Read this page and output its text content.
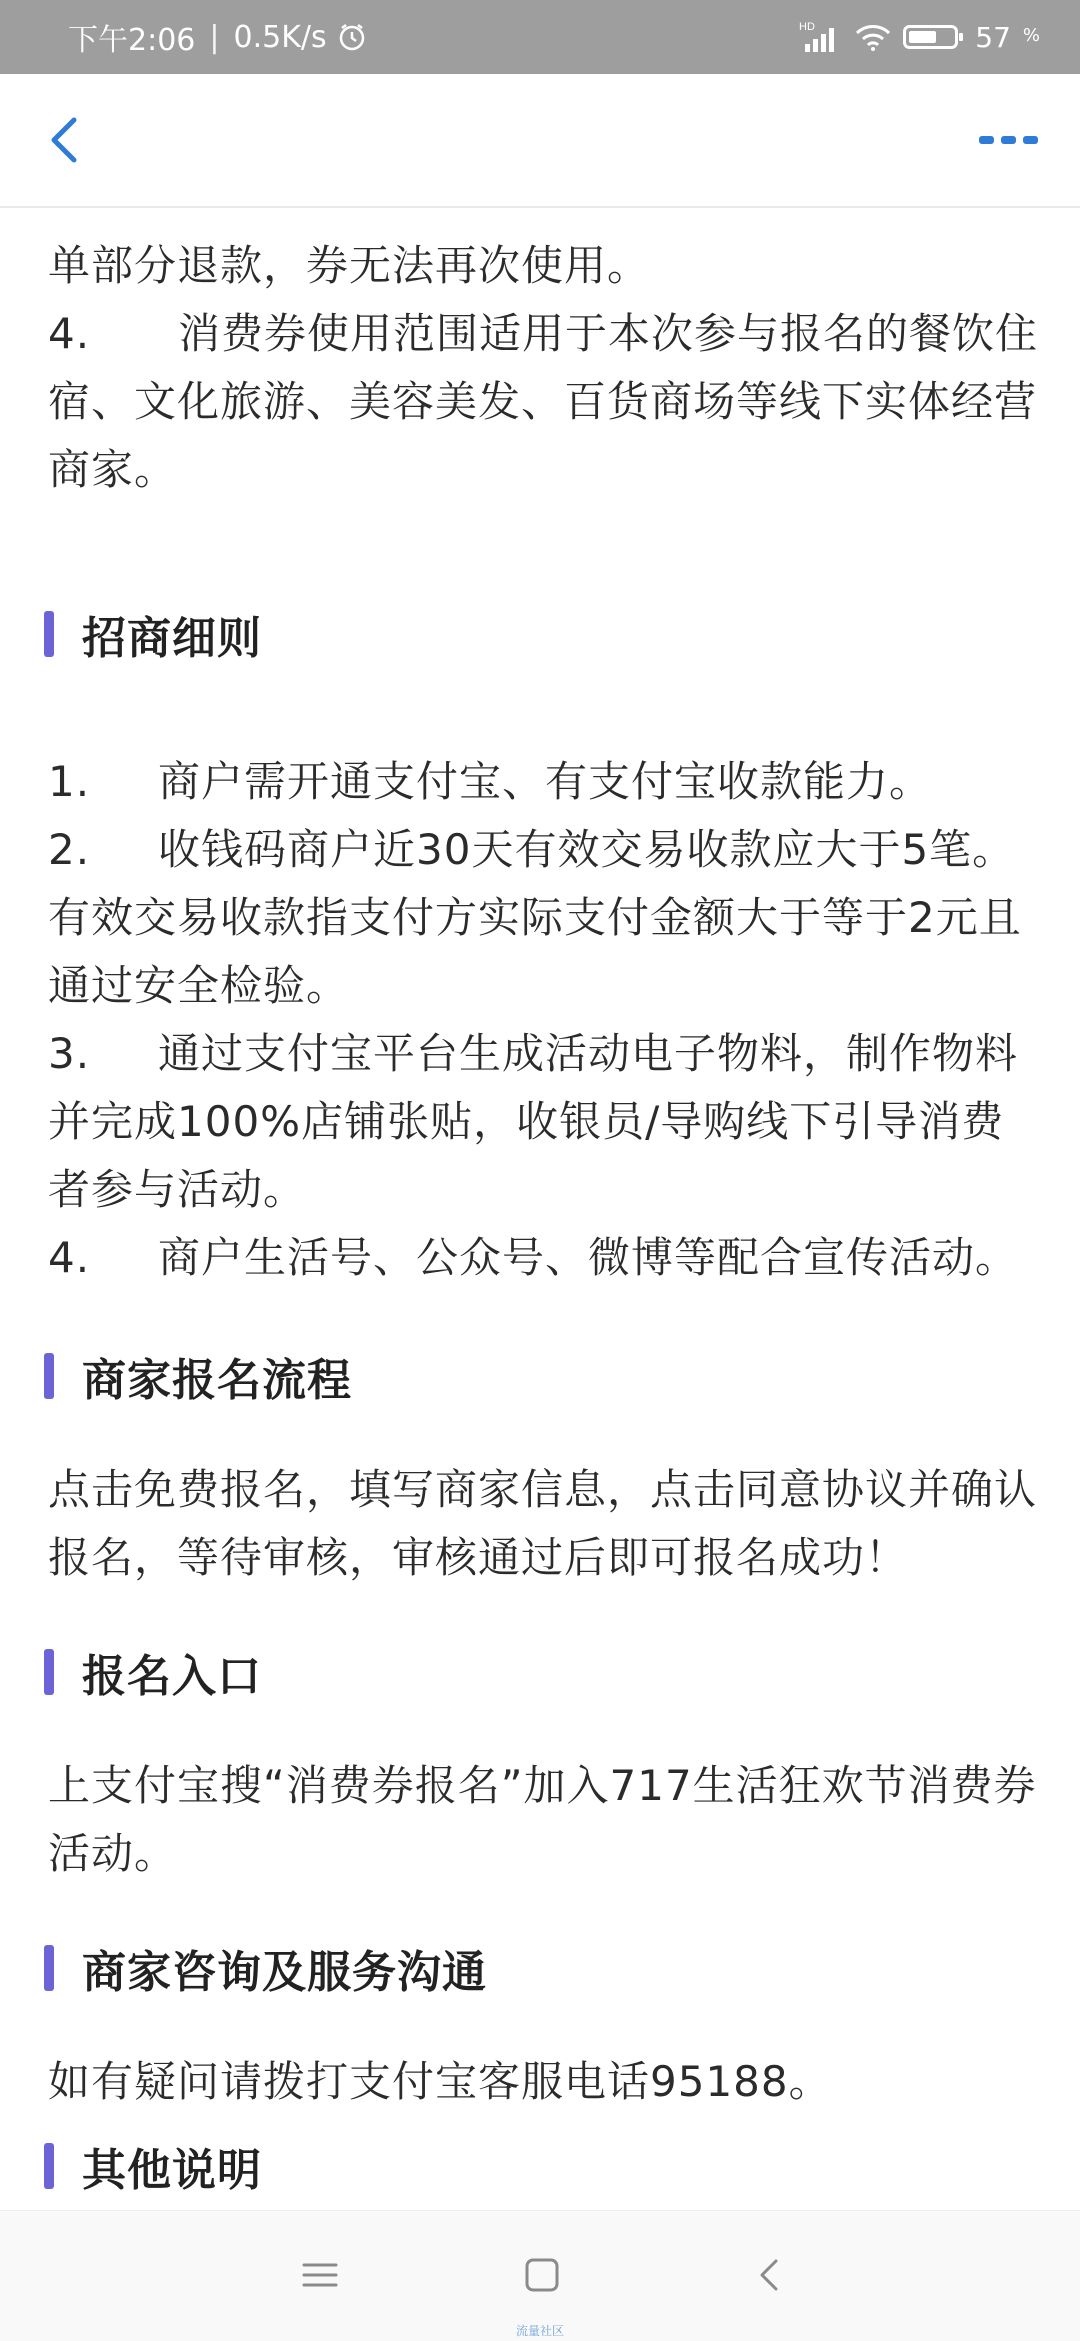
下午2:06 | 0.5K/s	HD	57 %
单部分退款，券无法再次使用。
4. 消费券使用范围适用于本次参与报名的餐饮住宿、文化旅游、美容美发、百货商场等线下实体经营商家。
招商细则
1. 商户需开通支付宝、有支付宝收款能力。
2. 收钱码商户近30天有效交易收款应大于5笔。有效交易收款指支付方实际支付金额大于等于2元且通过安全检验。
3. 通过支付宝平台生成活动电子物料，制作物料并完成100%店铺张贴，收银员/导购线下引导消费者参与活动。
4. 商户生活号、公众号、微博等配合宣传活动。
商家报名流程
点击免费报名，填写商家信息，点击同意协议并确认报名，等待审核，审核通过后即可报名成功！
报名入口
上支付宝搜“消费券报名”加入717生活狂欢节消费券活动。
商家咨询及服务沟通
如有疑问请拨打支付宝客服电话95188。
其他说明
流量社区
